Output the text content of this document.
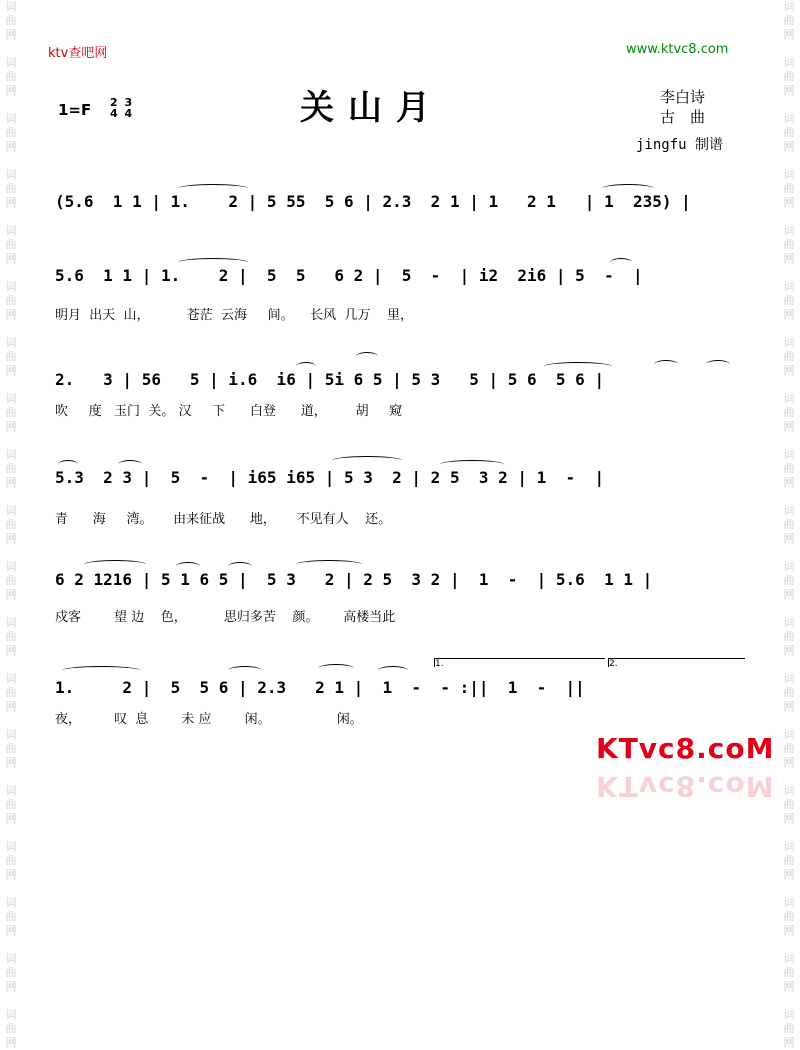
词
曲
网

词
曲
网

词
曲
网

词
曲
网

词
曲
网

词
曲
网

词
曲
网

词
曲
网

词
曲
网

词
曲
网

词
曲
网

词
曲
网

词
曲
网

词
曲
网

词
曲
网

词
曲
网

词
曲
网

词
曲
网

词
曲
网

词
曲
网

词
曲
网

词
曲
网

词
曲
网

词
曲
网

词
曲
网

词
曲
网

词
曲
网

词
曲
网

词
曲
网

词
曲
网

词
曲
网

词
曲
网

词
曲
网

词
曲
网

词
曲
网

词
曲
网

词
曲
网

词
曲
网

ktv查吧网	www.ktvc8.com
1=F 2
4

3
4	关山月	李白诗
古　曲
jingfu 制谱
(5.6  1 1 | 1.    2 | 5 55  5 6 | 2.3  2 1 | 1   2 1   | 1  235) |
5.6  1 1 | 1.    2 |  5  5   6 2 |  5  -  | i2  2i6 | 5  -  |
明月  出天  山，         苍茫  云海     间。    长风  几万    里，
2.   3 | 56   5 | i.6  i6 | 5i 6 5 | 5 3   5 | 5 6  5 6 |
吹     度   玉门  关。 汉     下      白登      道，       胡     窥
5.3  2 3 |  5  -  | i65 i65 | 5 3  2 | 2 5  3 2 | 1  -  |
青      海     湾。     由来征战      地，     不见有人    还。
6 2 1216 | 5 1 6 5 |  5 3   2 | 2 5  3 2 |  1  -  | 5.6  1 1 |
戍客        望 边    色，         思归多苦    颜。      高楼当此
1.     2 |  5  5 6 | 2.3   2 1 |  1  -  - :||  1  -  ||
夜，        叹  息        未 应        闲。                闲。
1.	2.
KTvc8.coM
KTvc8.coM
